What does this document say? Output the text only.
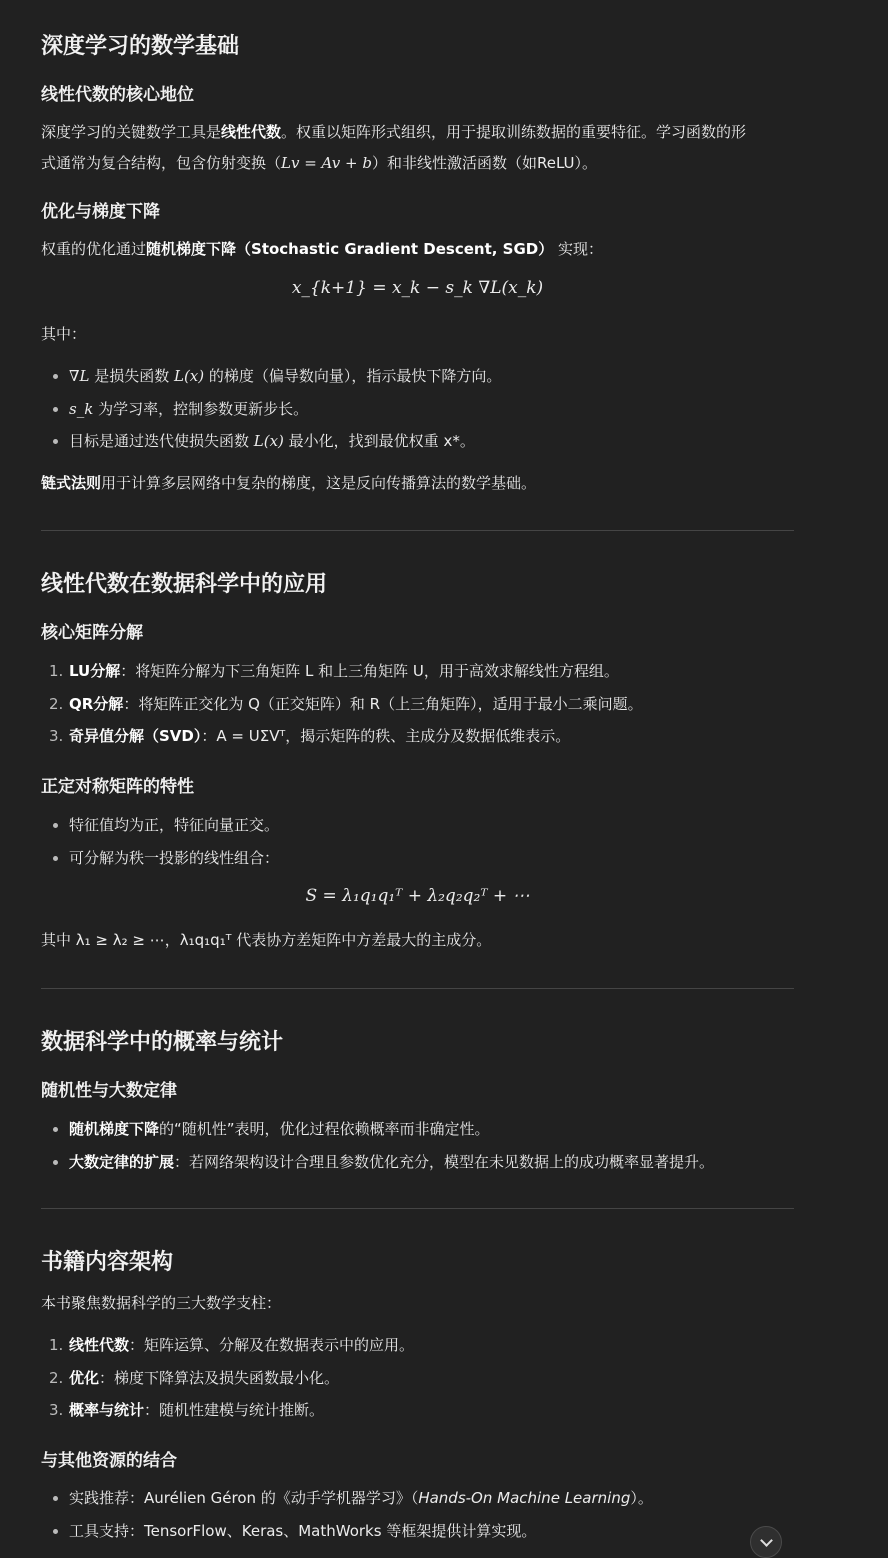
深度学习的数学基础
线性代数的核心地位

深度学习的关键数学工具是线性代数。权重以矩阵形式组织，用于提取训练数据的重要特征。学习函数的形
式通常为复合结构，包含仿射变换（Lv = Av + b）和非线性激活函数（如ReLU）。

优化与梯度下降

权重的优化通过随机梯度下降（Stochastic Gradient Descent, SGD） 实现：

x_{k+1} = x_k − s_k ∇L(x_k)

其中：

∇L 是损失函数 L(x) 的梯度（偏导数向量），指示最快下降方向。
s_k 为学习率，控制参数更新步长。
目标是通过迭代使损失函数 L(x) 最小化，找到最优权重 x*。

链式法则用于计算多层网络中复杂的梯度，这是反向传播算法的数学基础。

线性代数在数据科学中的应用
核心矩阵分解
1. LU分解：将矩阵分解为下三角矩阵 L 和上三角矩阵 U，用于高效求解线性方程组。
2. QR分解：将矩阵正交化为 Q（正交矩阵）和 R（上三角矩阵），适用于最小二乘问题。
3. 奇异值分解（SVD）：A = UΣVᵀ，揭示矩阵的秩、主成分及数据低维表示。
正定对称矩阵的特性
特征值均为正，特征向量正交。
可分解为秩一投影的线性组合：
S = λ₁q₁q₁ᵀ + λ₂q₂q₂ᵀ + ⋯

其中 λ₁ ≥ λ₂ ≥ ⋯，λ₁q₁q₁ᵀ 代表协方差矩阵中方差最大的主成分。

数据科学中的概率与统计
随机性与大数定律
随机梯度下降的“随机性”表明，优化过程依赖概率而非确定性。
大数定律的扩展：若网络架构设计合理且参数优化充分，模型在未见数据上的成功概率显著提升。
书籍内容架构

本书聚焦数据科学的三大数学支柱：

1. 线性代数：矩阵运算、分解及在数据表示中的应用。
2. 优化：梯度下降算法及损失函数最小化。
3. 概率与统计：随机性建模与统计推断。
与其他资源的结合
实践推荐：Aurélien Géron 的《动手学机器学习》（Hands-On Machine Learning）。
工具支持：TensorFlow、Keras、MathWorks 等框架提供计算实现。
